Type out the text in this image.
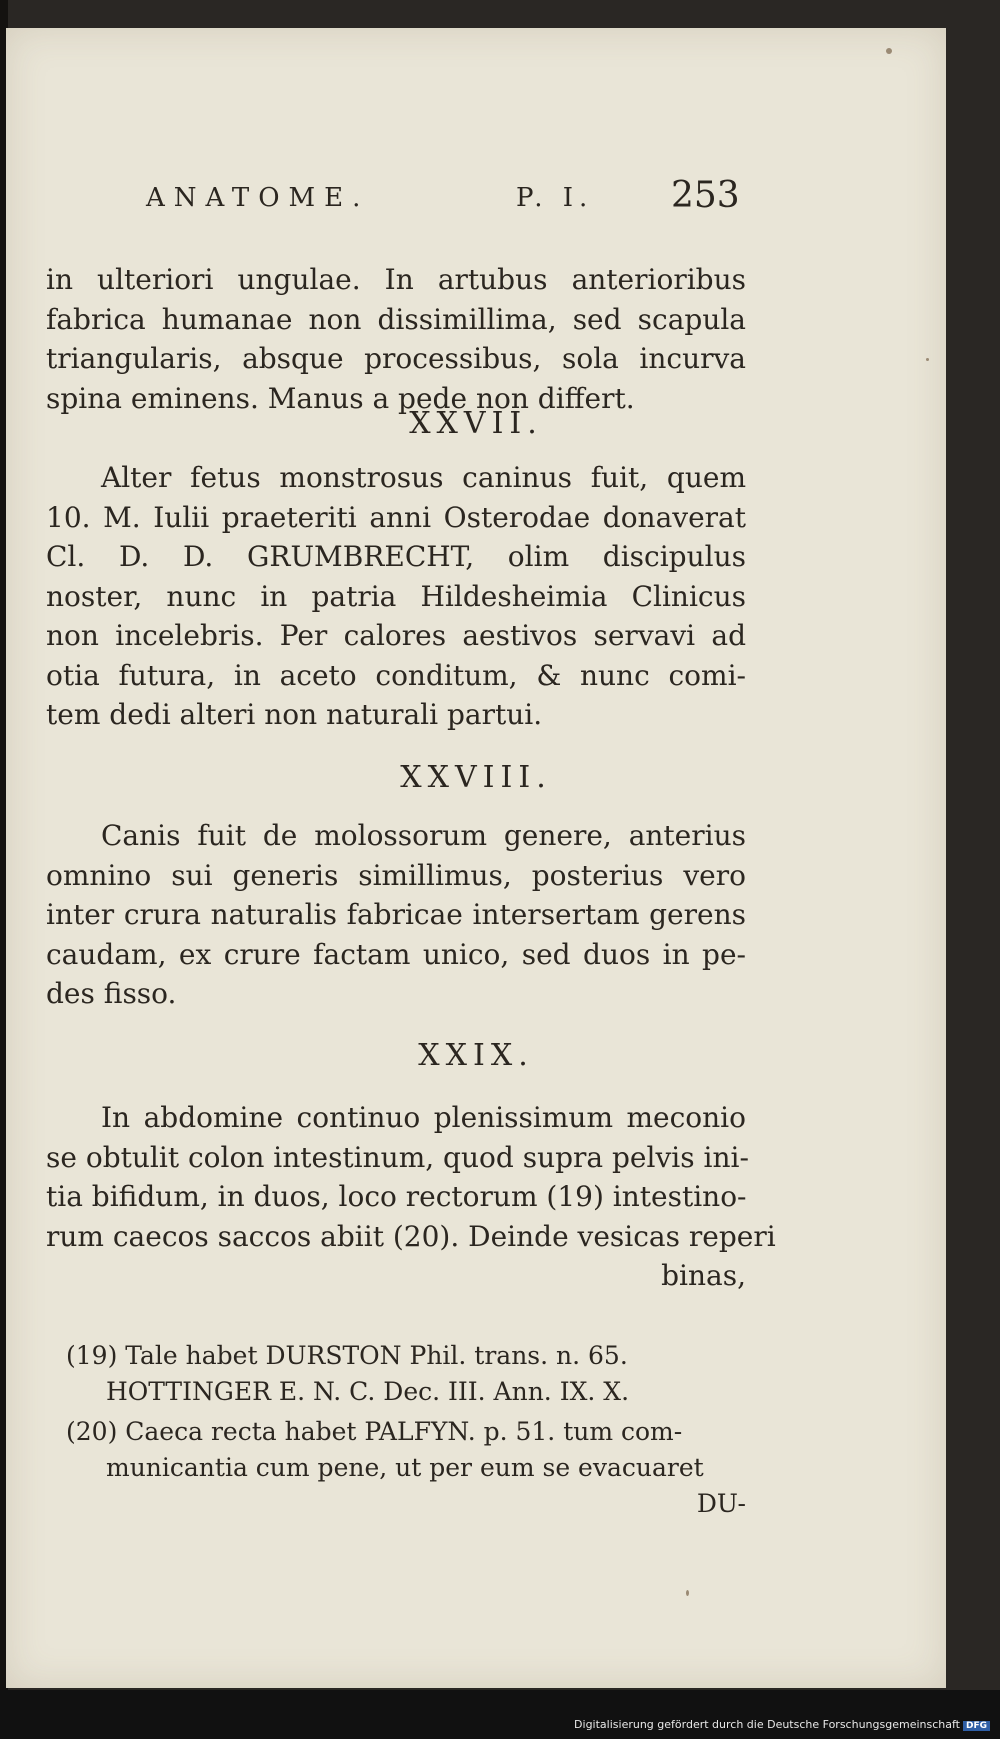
ANATOME.	P. I. 253
in ulteriori ungulae. In artubus anterioribus
fabrica humanae non dissimillima, sed scapula
triangularis, absque processibus, sola incurva
spina eminens. Manus a pede non differt.
XXVII.
Alter fetus monstrosus caninus fuit, quem
10. M. Iulii praeteriti anni Osterodae donaverat
Cl. D. D. GRUMBRECHT, olim discipulus
noster, nunc in patria Hildesheimia Clinicus
non incelebris. Per calores aestivos servavi ad
otia futura, in aceto conditum, & nunc comi-
tem dedi alteri non naturali partui.
XXVIII.
Canis fuit de molossorum genere, anterius
omnino sui generis simillimus, posterius vero
inter crura naturalis fabricae intersertam gerens
caudam, ex crure factam unico, sed duos in pe-
des fisso.
XXIX.
In abdomine continuo plenissimum meconio
se obtulit colon intestinum, quod supra pelvis ini-
tia bifidum, in duos, loco rectorum (19) intestino-
rum caecos saccos abiit (20). Deinde vesicas reperi
binas,
(19) Tale habet DURSTON Phil. trans. n. 65.
HOTTINGER E. N. C. Dec. III. Ann. IX. X.
(20) Caeca recta habet PALFYN. p. 51. tum com-
municantia cum pene, ut per eum se evacuaret
DU-
Digitalisierung gefördert durch die Deutsche Forschungsgemeinschaft DFG
